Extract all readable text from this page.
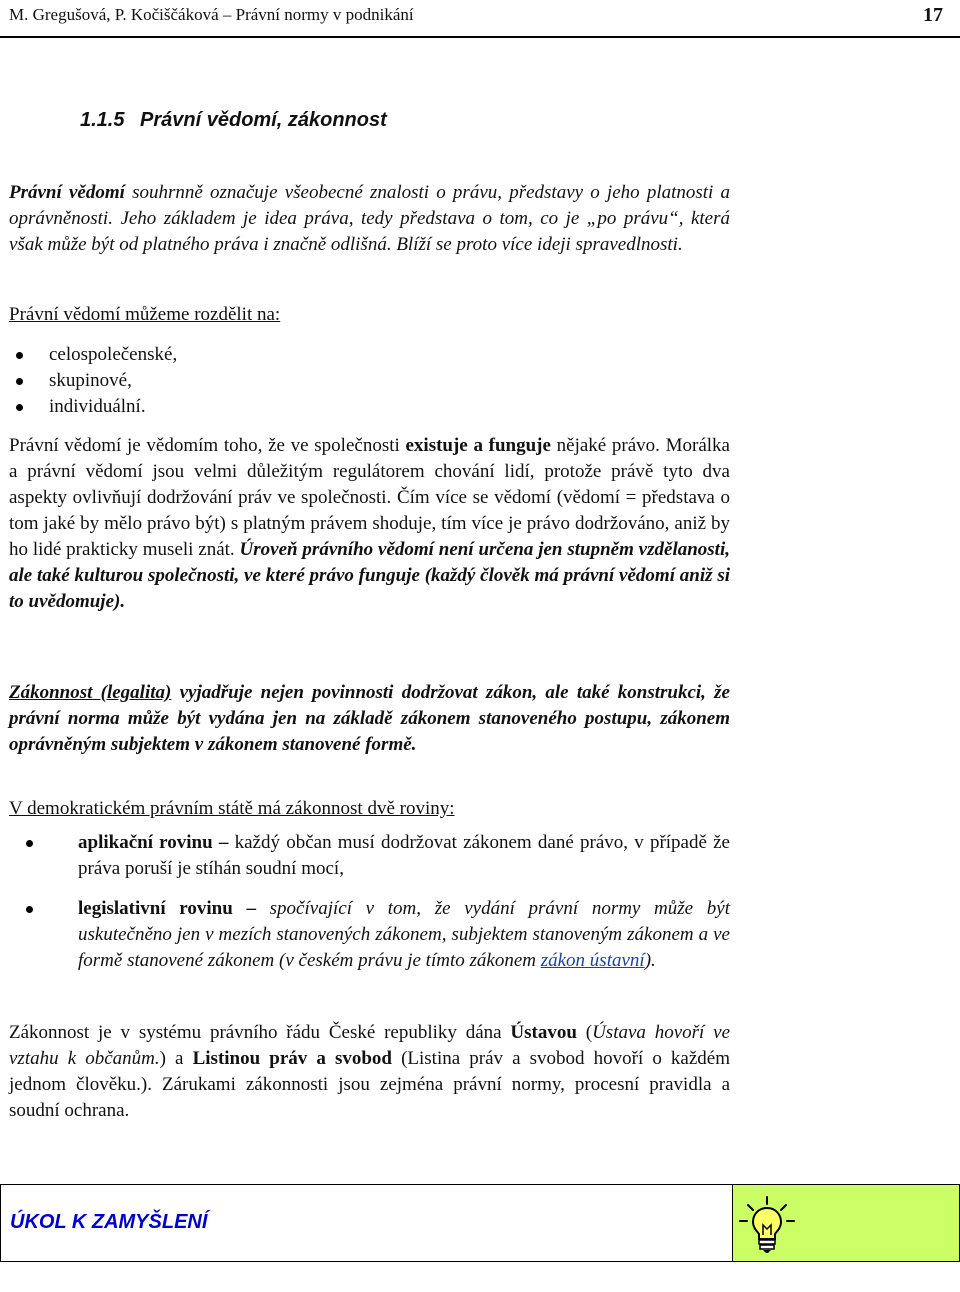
M. Gregušová, P. Kočiščáková – Právní normy v podnikání	17
1.1.5 Právní vědomí, zákonnost

Právní vědomí souhrnně označuje všeobecné znalosti o právu, představy o jeho platnosti a oprávněnosti. Jeho základem je idea práva, tedy představa o tom, co je „po právu“, která však může být od platného práva i značně odlišná. Blíží se proto více ideji spravedlnosti.

Právní vědomí můžeme rozdělit na:

celospolečenské,
skupinové,
individuální.

Právní vědomí je vědomím toho, že ve společnosti existuje a funguje nějaké právo. Morálka a právní vědomí jsou velmi důležitým regulátorem chování lidí, protože právě tyto dva aspekty ovlivňují dodržování práv ve společnosti. Čím více se vědomí (vědomí = představa o tom jaké by mělo právo být) s platným právem shoduje, tím více je právo dodržováno, aniž by ho lidé prakticky museli znát. Úroveň právního vědomí není určena jen stupněm vzdělanosti, ale také kulturou společnosti, ve které právo funguje (každý člověk má právní vědomí aniž si to uvědomuje).

Zákonnost (legalita) vyjadřuje nejen povinnosti dodržovat zákon, ale také konstrukci, že právní norma může být vydána jen na základě zákonem stanoveného postupu, zákonem oprávněným subjektem v zákonem stanovené formě.

V demokratickém právním státě má zákonnost dvě roviny:

aplikační rovinu – každý občan musí dodržovat zákonem dané právo, v případě že práva poruší je stíhán soudní mocí,
legislativní rovinu – spočívající v tom, že vydání právní normy může být uskutečněno jen v mezích stanovených zákonem, subjektem stanoveným zákonem a ve formě stanovené zákonem (v českém právu je tímto zákonem zákon ústavní).

Zákonnost je v systému právního řádu České republiky dána Ústavou (Ústava hovoří ve vztahu k občanům.) a Listinou práv a svobod (Listina práv a svobod hovoří o každém jednom člověku.). Zárukami zákonnosti jsou zejména právní normy, procesní pravidla a soudní ochrana.

ÚKOL K ZAMYŠLENÍ
